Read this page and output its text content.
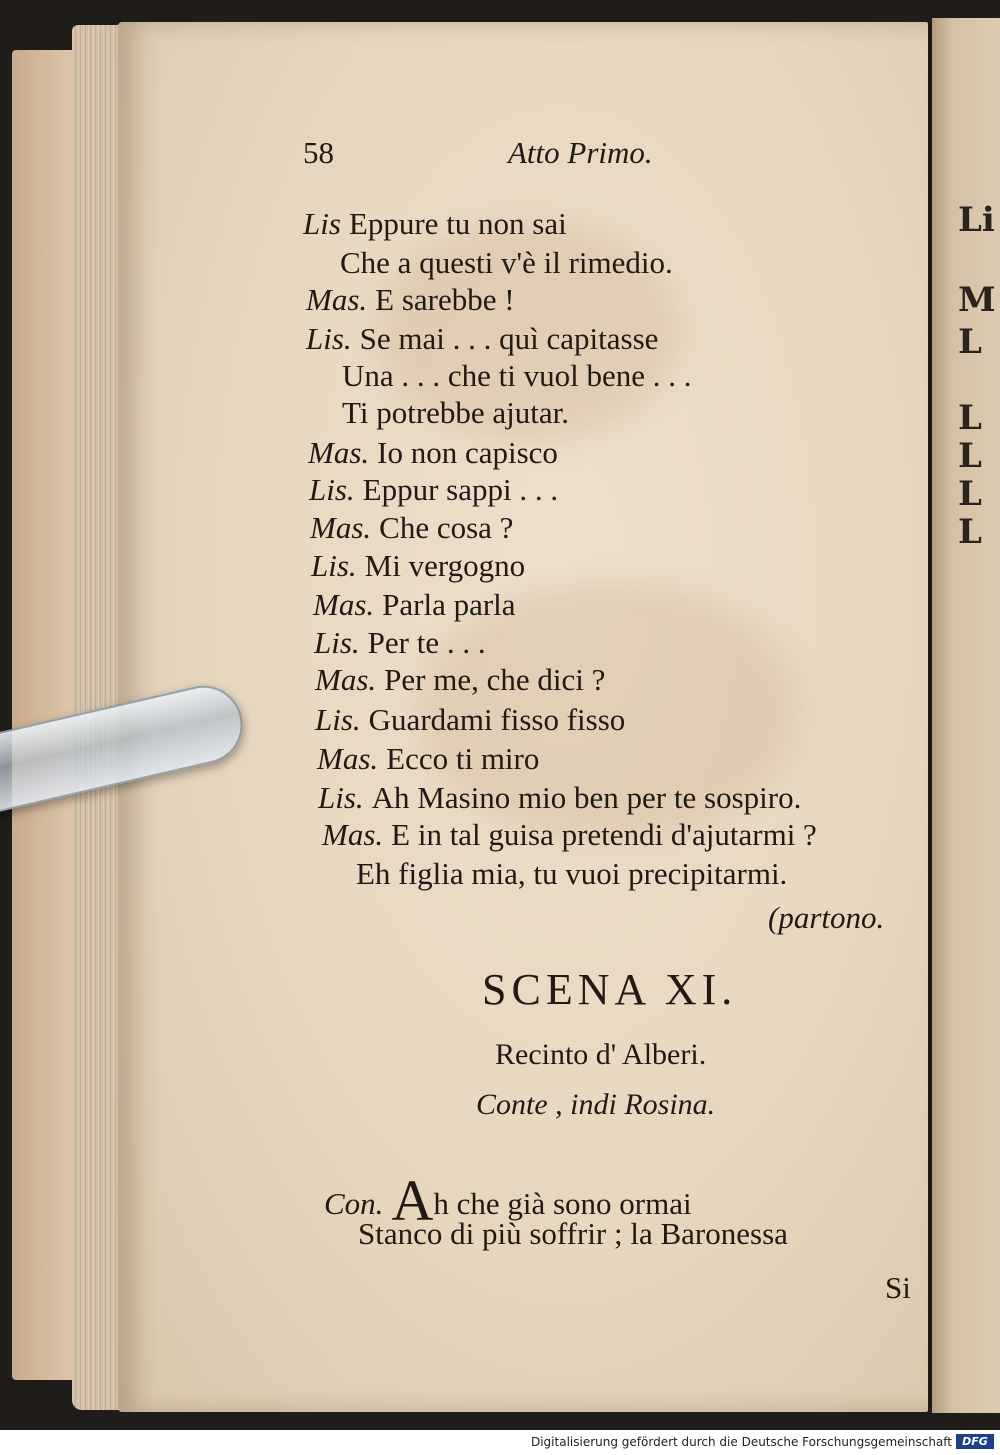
Li
M
L
L
L
L
L
58	Atto Primo.
Lis Eppure tu non sai
Che a questi v'è il rimedio.
Mas. E sarebbe !
Lis. Se mai . . . quì capitasse
Una . . . che ti vuol bene . . .
Ti potrebbe ajutar.
Mas. Io non capisco
Lis. Eppur sappi . . .
Mas. Che cosa ?
Lis. Mi vergogno
Mas. Parla parla
Lis. Per te . . .
Mas. Per me, che dici ?
Lis. Guardami fisso fisso
Mas. Ecco ti miro
Lis. Ah Masino mio ben per te sospiro.
Mas. E in tal guisa pretendi d'ajutarmi ?
Eh figlia mia, tu vuoi precipitarmi.
(partono.
SCENA XI.
Recinto d' Alberi.
Conte , indi Rosina.
Con. Ah che già sono ormai
Stanco di più soffrir ; la Baronessa
Si
Digitalisierung gefördert durch die Deutsche Forschungsgemeinschaft DFG
